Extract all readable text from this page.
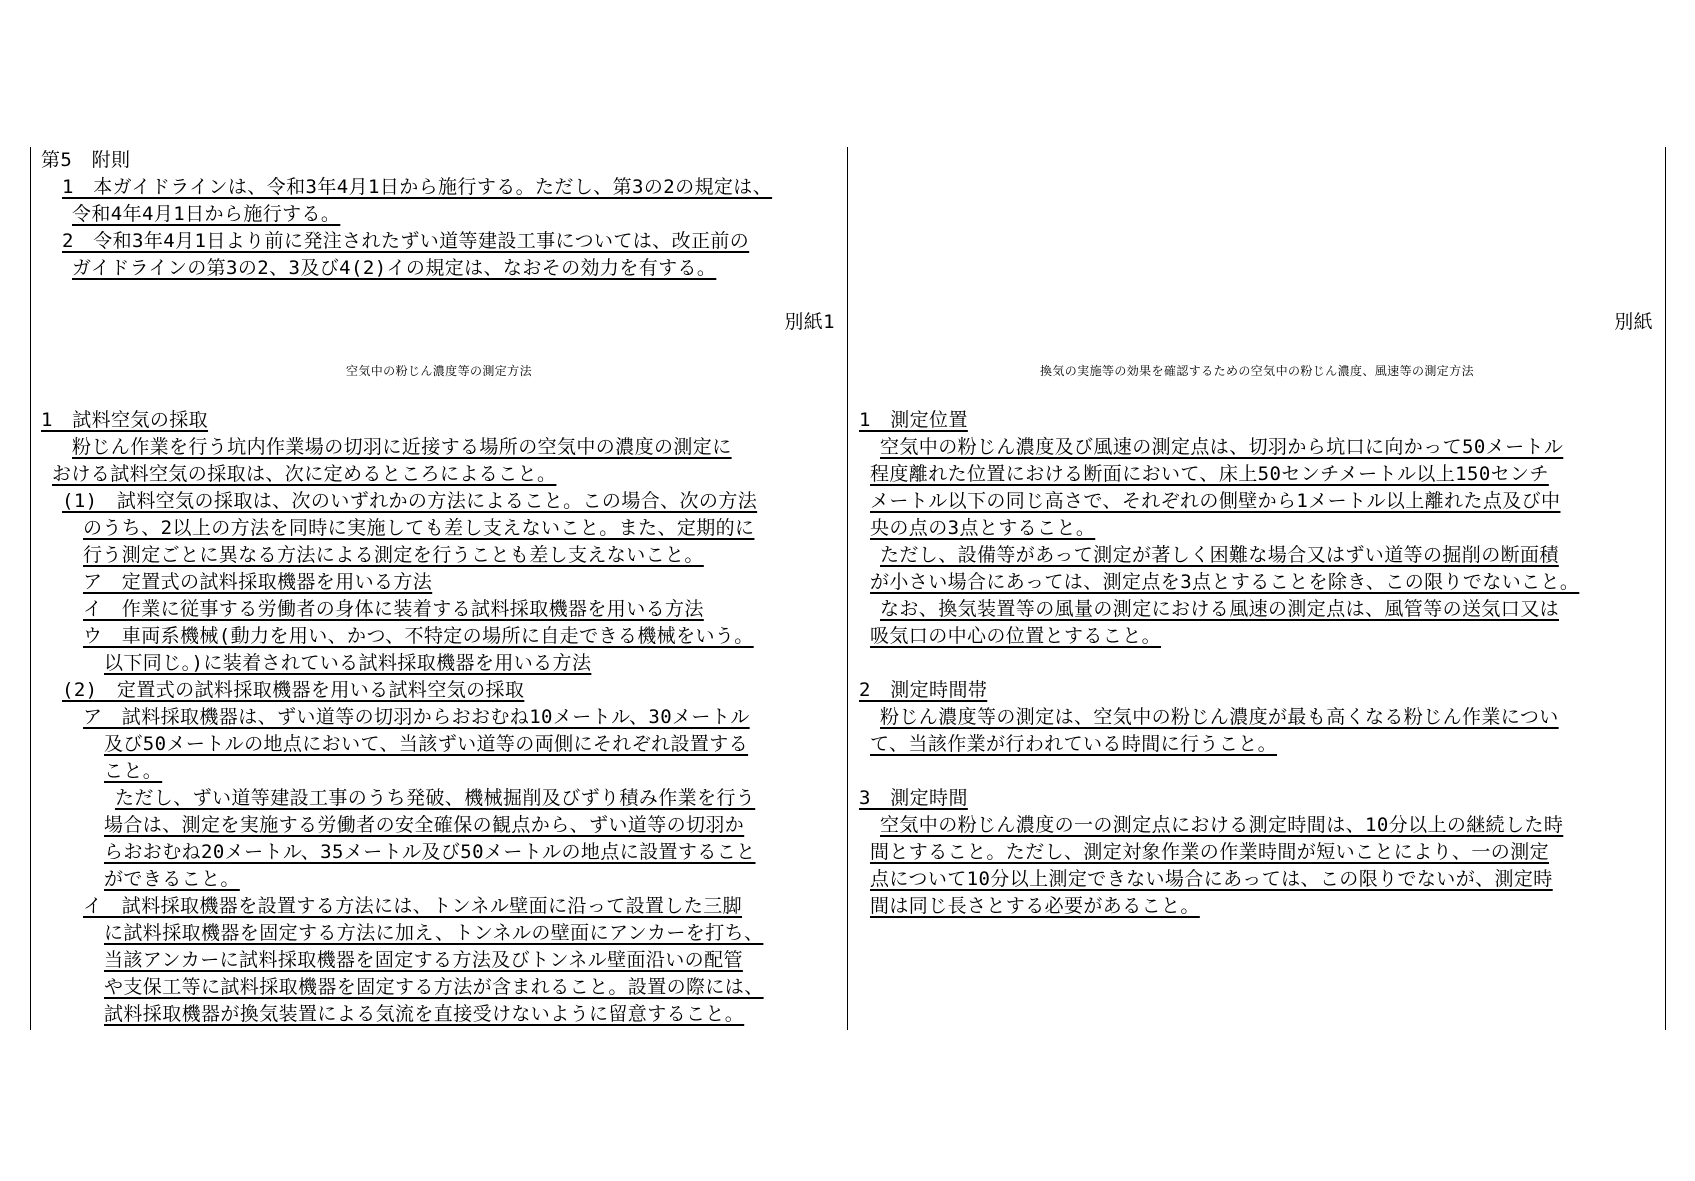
第5　附則
1　本ガイドラインは、令和3年4月1日から施行する。ただし、第3の2の規定は、
令和4年4月1日から施行する。
2　令和3年4月1日より前に発注されたずい道等建設工事については、改正前の
ガイドラインの第3の2、3及び4(2)イの規定は、なおその効力を有する。
別紙1
空気中の粉じん濃度等の測定方法
1　試料空気の採取
粉じん作業を行う坑内作業場の切羽に近接する場所の空気中の濃度の測定に
おける試料空気の採取は、次に定めるところによること。
(1)　試料空気の採取は、次のいずれかの方法によること。この場合、次の方法
のうち、2以上の方法を同時に実施しても差し支えないこと。また、定期的に
行う測定ごとに異なる方法による測定を行うことも差し支えないこと。
ア　定置式の試料採取機器を用いる方法
イ　作業に従事する労働者の身体に装着する試料採取機器を用いる方法
ウ　車両系機械(動力を用い、かつ、不特定の場所に自走できる機械をいう。
以下同じ。)に装着されている試料採取機器を用いる方法
(2)　定置式の試料採取機器を用いる試料空気の採取
ア　試料採取機器は、ずい道等の切羽からおおむね10メートル、30メートル
及び50メートルの地点において、当該ずい道等の両側にそれぞれ設置する
こと。
ただし、ずい道等建設工事のうち発破、機械掘削及びずり積み作業を行う
場合は、測定を実施する労働者の安全確保の観点から、ずい道等の切羽か
らおおむね20メートル、35メートル及び50メートルの地点に設置すること
ができること。
イ　試料採取機器を設置する方法には、トンネル壁面に沿って設置した三脚
に試料採取機器を固定する方法に加え、トンネルの壁面にアンカーを打ち、
当該アンカーに試料採取機器を固定する方法及びトンネル壁面沿いの配管
や支保工等に試料採取機器を固定する方法が含まれること。設置の際には、
試料採取機器が換気装置による気流を直接受けないように留意すること。
別紙
換気の実施等の効果を確認するための空気中の粉じん濃度、風速等の測定方法
1　測定位置
空気中の粉じん濃度及び風速の測定点は、切羽から坑口に向かって50メートル
程度離れた位置における断面において、床上50センチメートル以上150センチ
メートル以下の同じ高さで、それぞれの側壁から1メートル以上離れた点及び中
央の点の3点とすること。
ただし、設備等があって測定が著しく困難な場合又はずい道等の掘削の断面積
が小さい場合にあっては、測定点を3点とすることを除き、この限りでないこと。
なお、換気装置等の風量の測定における風速の測定点は、風管等の送気口又は
吸気口の中心の位置とすること。
2　測定時間帯
粉じん濃度等の測定は、空気中の粉じん濃度が最も高くなる粉じん作業につい
て、当該作業が行われている時間に行うこと。
3　測定時間
空気中の粉じん濃度の一の測定点における測定時間は、10分以上の継続した時
間とすること。ただし、測定対象作業の作業時間が短いことにより、一の測定
点について10分以上測定できない場合にあっては、この限りでないが、測定時
間は同じ長さとする必要があること。
